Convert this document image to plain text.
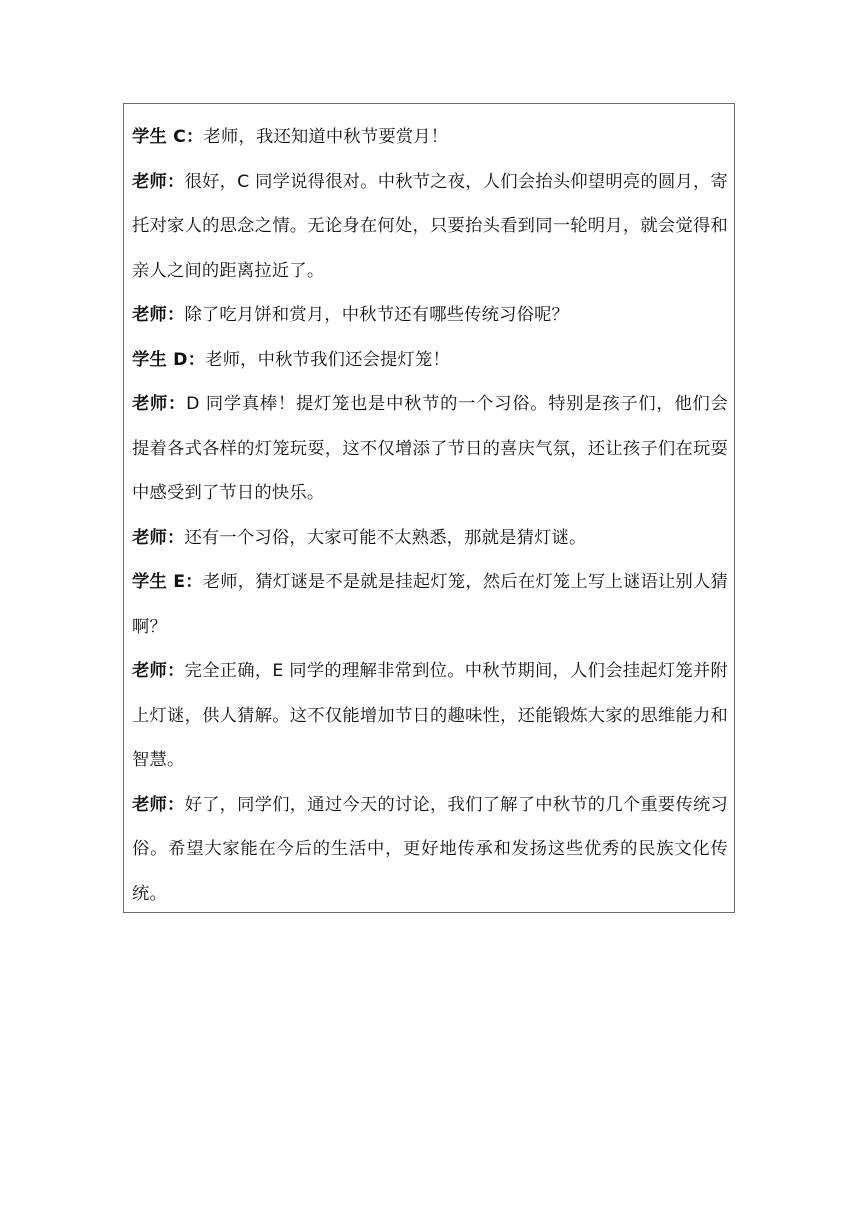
学生 C：老师，我还知道中秋节要赏月！

老师：很好，C 同学说得很对。中秋节之夜，人们会抬头仰望明亮的圆月，寄托对家人的思念之情。无论身在何处，只要抬头看到同一轮明月，就会觉得和亲人之间的距离拉近了。

老师：除了吃月饼和赏月，中秋节还有哪些传统习俗呢？

学生 D：老师，中秋节我们还会提灯笼！

老师：D 同学真棒！提灯笼也是中秋节的一个习俗。特别是孩子们，他们会提着各式各样的灯笼玩耍，这不仅增添了节日的喜庆气氛，还让孩子们在玩耍中感受到了节日的快乐。

老师：还有一个习俗，大家可能不太熟悉，那就是猜灯谜。

学生 E：老师，猜灯谜是不是就是挂起灯笼，然后在灯笼上写上谜语让别人猜啊？

老师：完全正确，E 同学的理解非常到位。中秋节期间，人们会挂起灯笼并附上灯谜，供人猜解。这不仅能增加节日的趣味性，还能锻炼大家的思维能力和智慧。

老师：好了，同学们，通过今天的讨论，我们了解了中秋节的几个重要传统习俗。希望大家能在今后的生活中，更好地传承和发扬这些优秀的民族文化传统。
